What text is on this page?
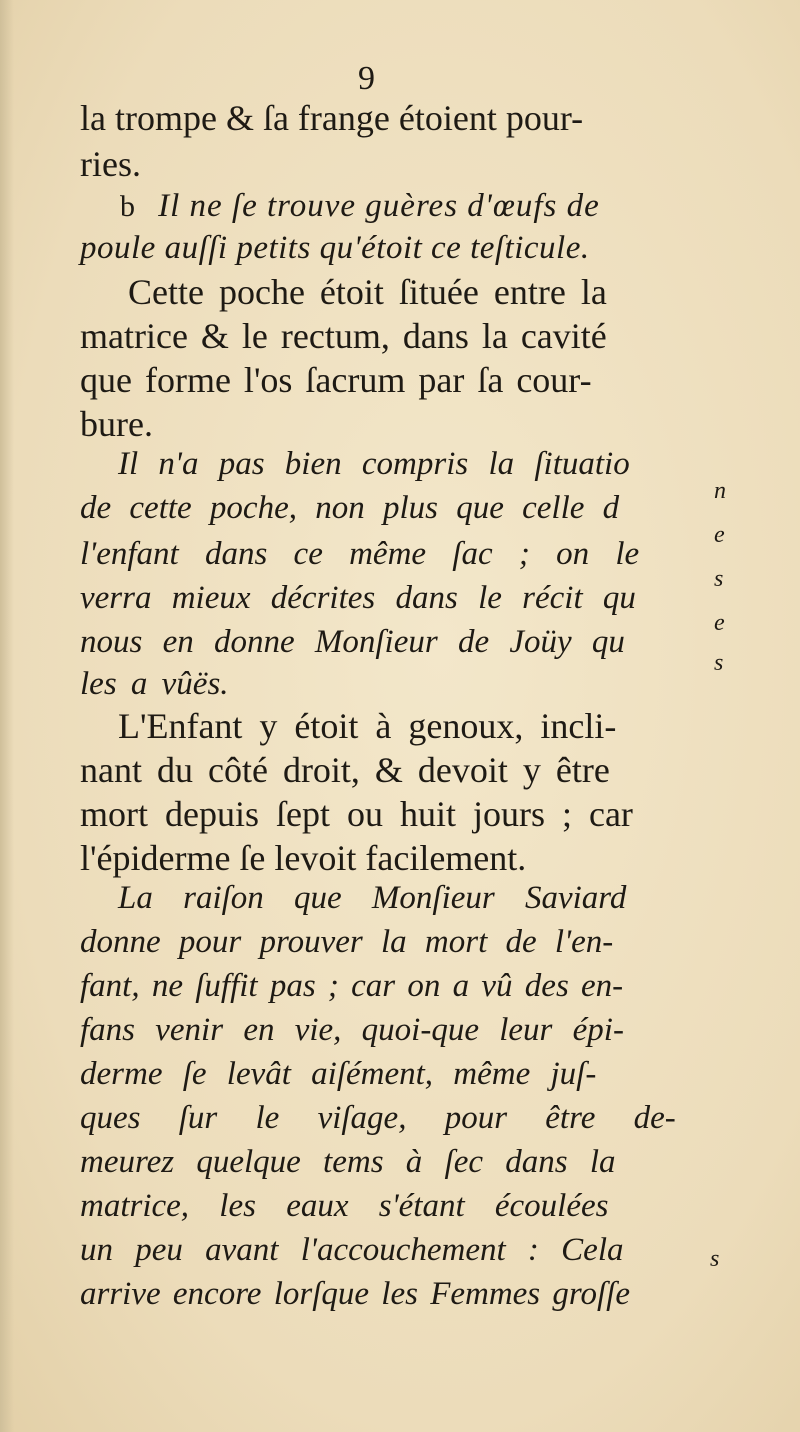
9
la trompe & ſa frange étoient pour-
ries.
b Il ne ſe trouve guères d'œufs de
poule auſſi petits qu'étoit ce teſticule.
Cette poche étoit ſituée entre la
matrice & le rectum, dans la cavité
que forme l'os ſacrum par ſa cour-
bure.
Il n'a pas bien compris la ſituatio
de cette poche, non plus que celle d
l'enfant dans ce même ſac ; on le
verra mieux décrites dans le récit qu
nous en donne Monſieur de Joüy qu
les a vûës.
n
e
s
e
s
s
L'Enfant y étoit à genoux, incli-
nant du côté droit, & devoit y être
mort depuis ſept ou huit jours ; car
l'épiderme ſe levoit facilement.
La raiſon que Monſieur Saviard
donne pour prouver la mort de l'en-
fant, ne ſuffit pas ; car on a vû des en-
fans venir en vie, quoi-que leur épi-
derme ſe levât aiſément, même juſ-
ques ſur le viſage, pour être de-
meurez quelque tems à ſec dans la
matrice, les eaux s'étant écoulées
un peu avant l'accouchement : Cela
arrive encore lorſque les Femmes groſſe
